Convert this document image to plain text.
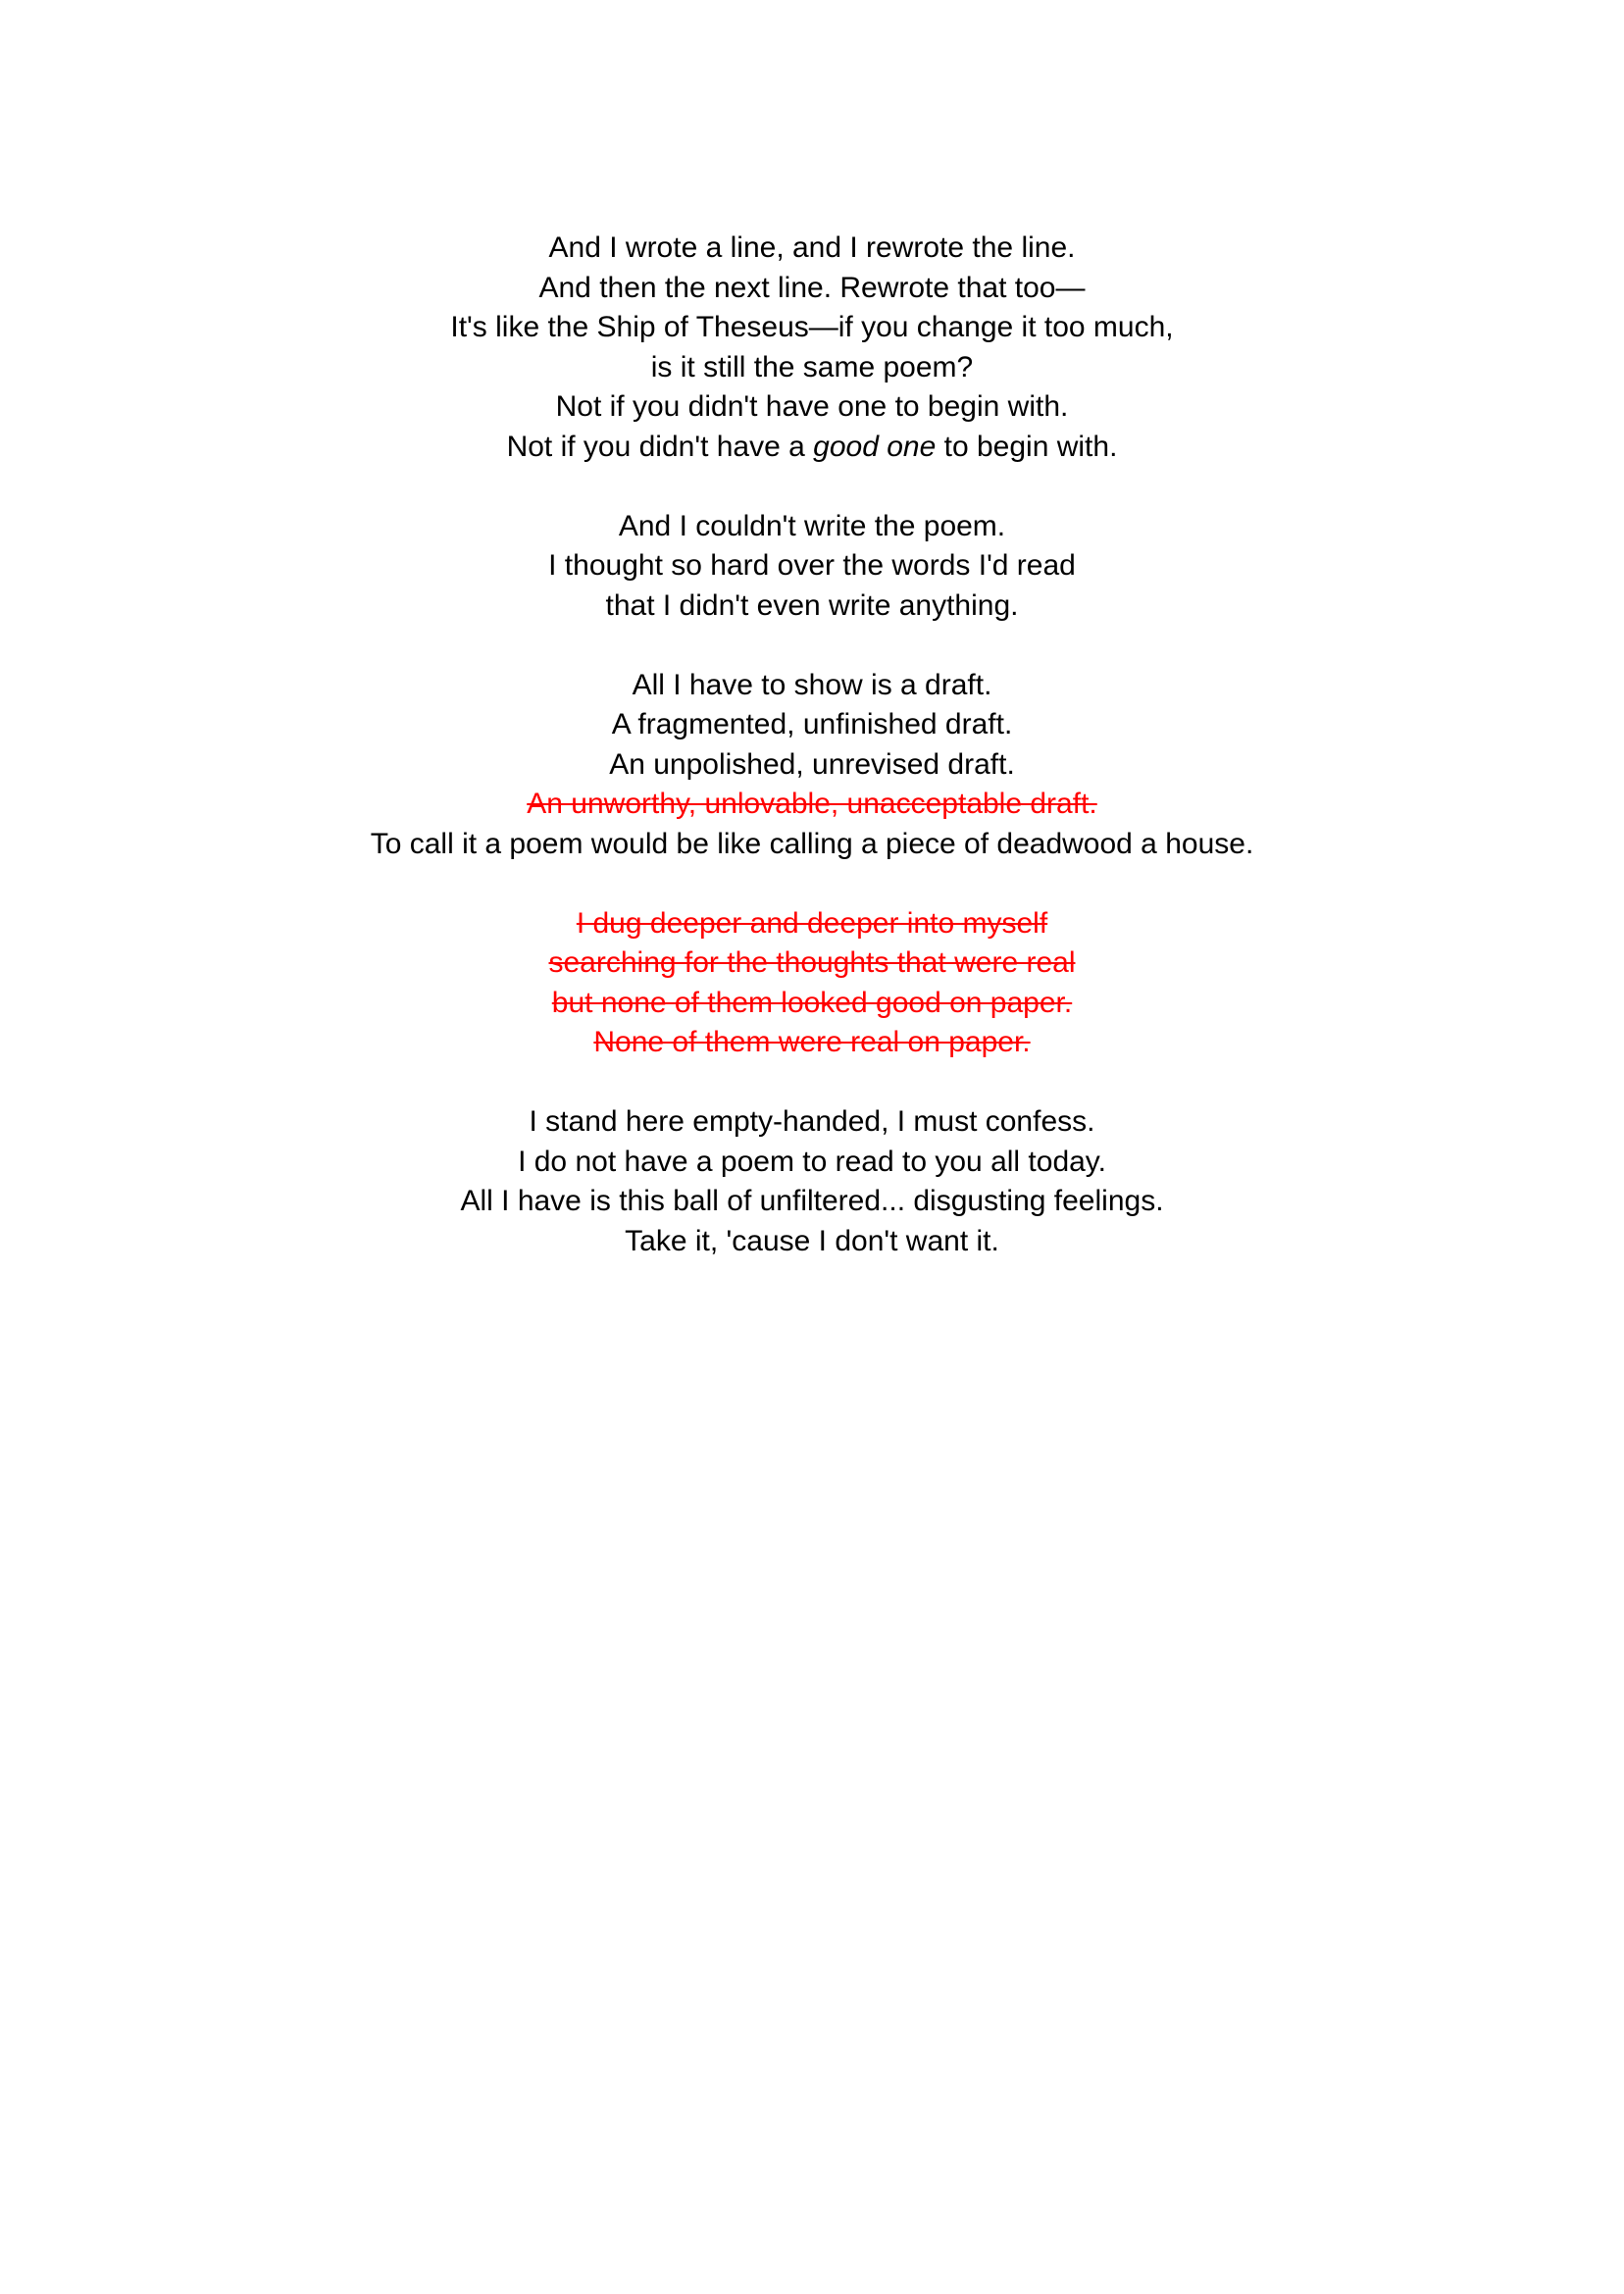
And I wrote a line, and I rewrote the line.
And then the next line. Rewrote that too—
It's like the Ship of Theseus—if you change it too much,
is it still the same poem?
Not if you didn't have one to begin with.
Not if you didn't have a good one to begin with.
And I couldn't write the poem.
I thought so hard over the words I'd read
that I didn't even write anything.
All I have to show is a draft.
A fragmented, unfinished draft.
An unpolished, unrevised draft.
An unworthy, unlovable, unacceptable draft.
To call it a poem would be like calling a piece of deadwood a house.
I dug deeper and deeper into myself
searching for the thoughts that were real
but none of them looked good on paper.
None of them were real on paper.
I stand here empty-handed, I must confess.
I do not have a poem to read to you all today.
All I have is this ball of unfiltered... disgusting feelings.
Take it, 'cause I don't want it.
